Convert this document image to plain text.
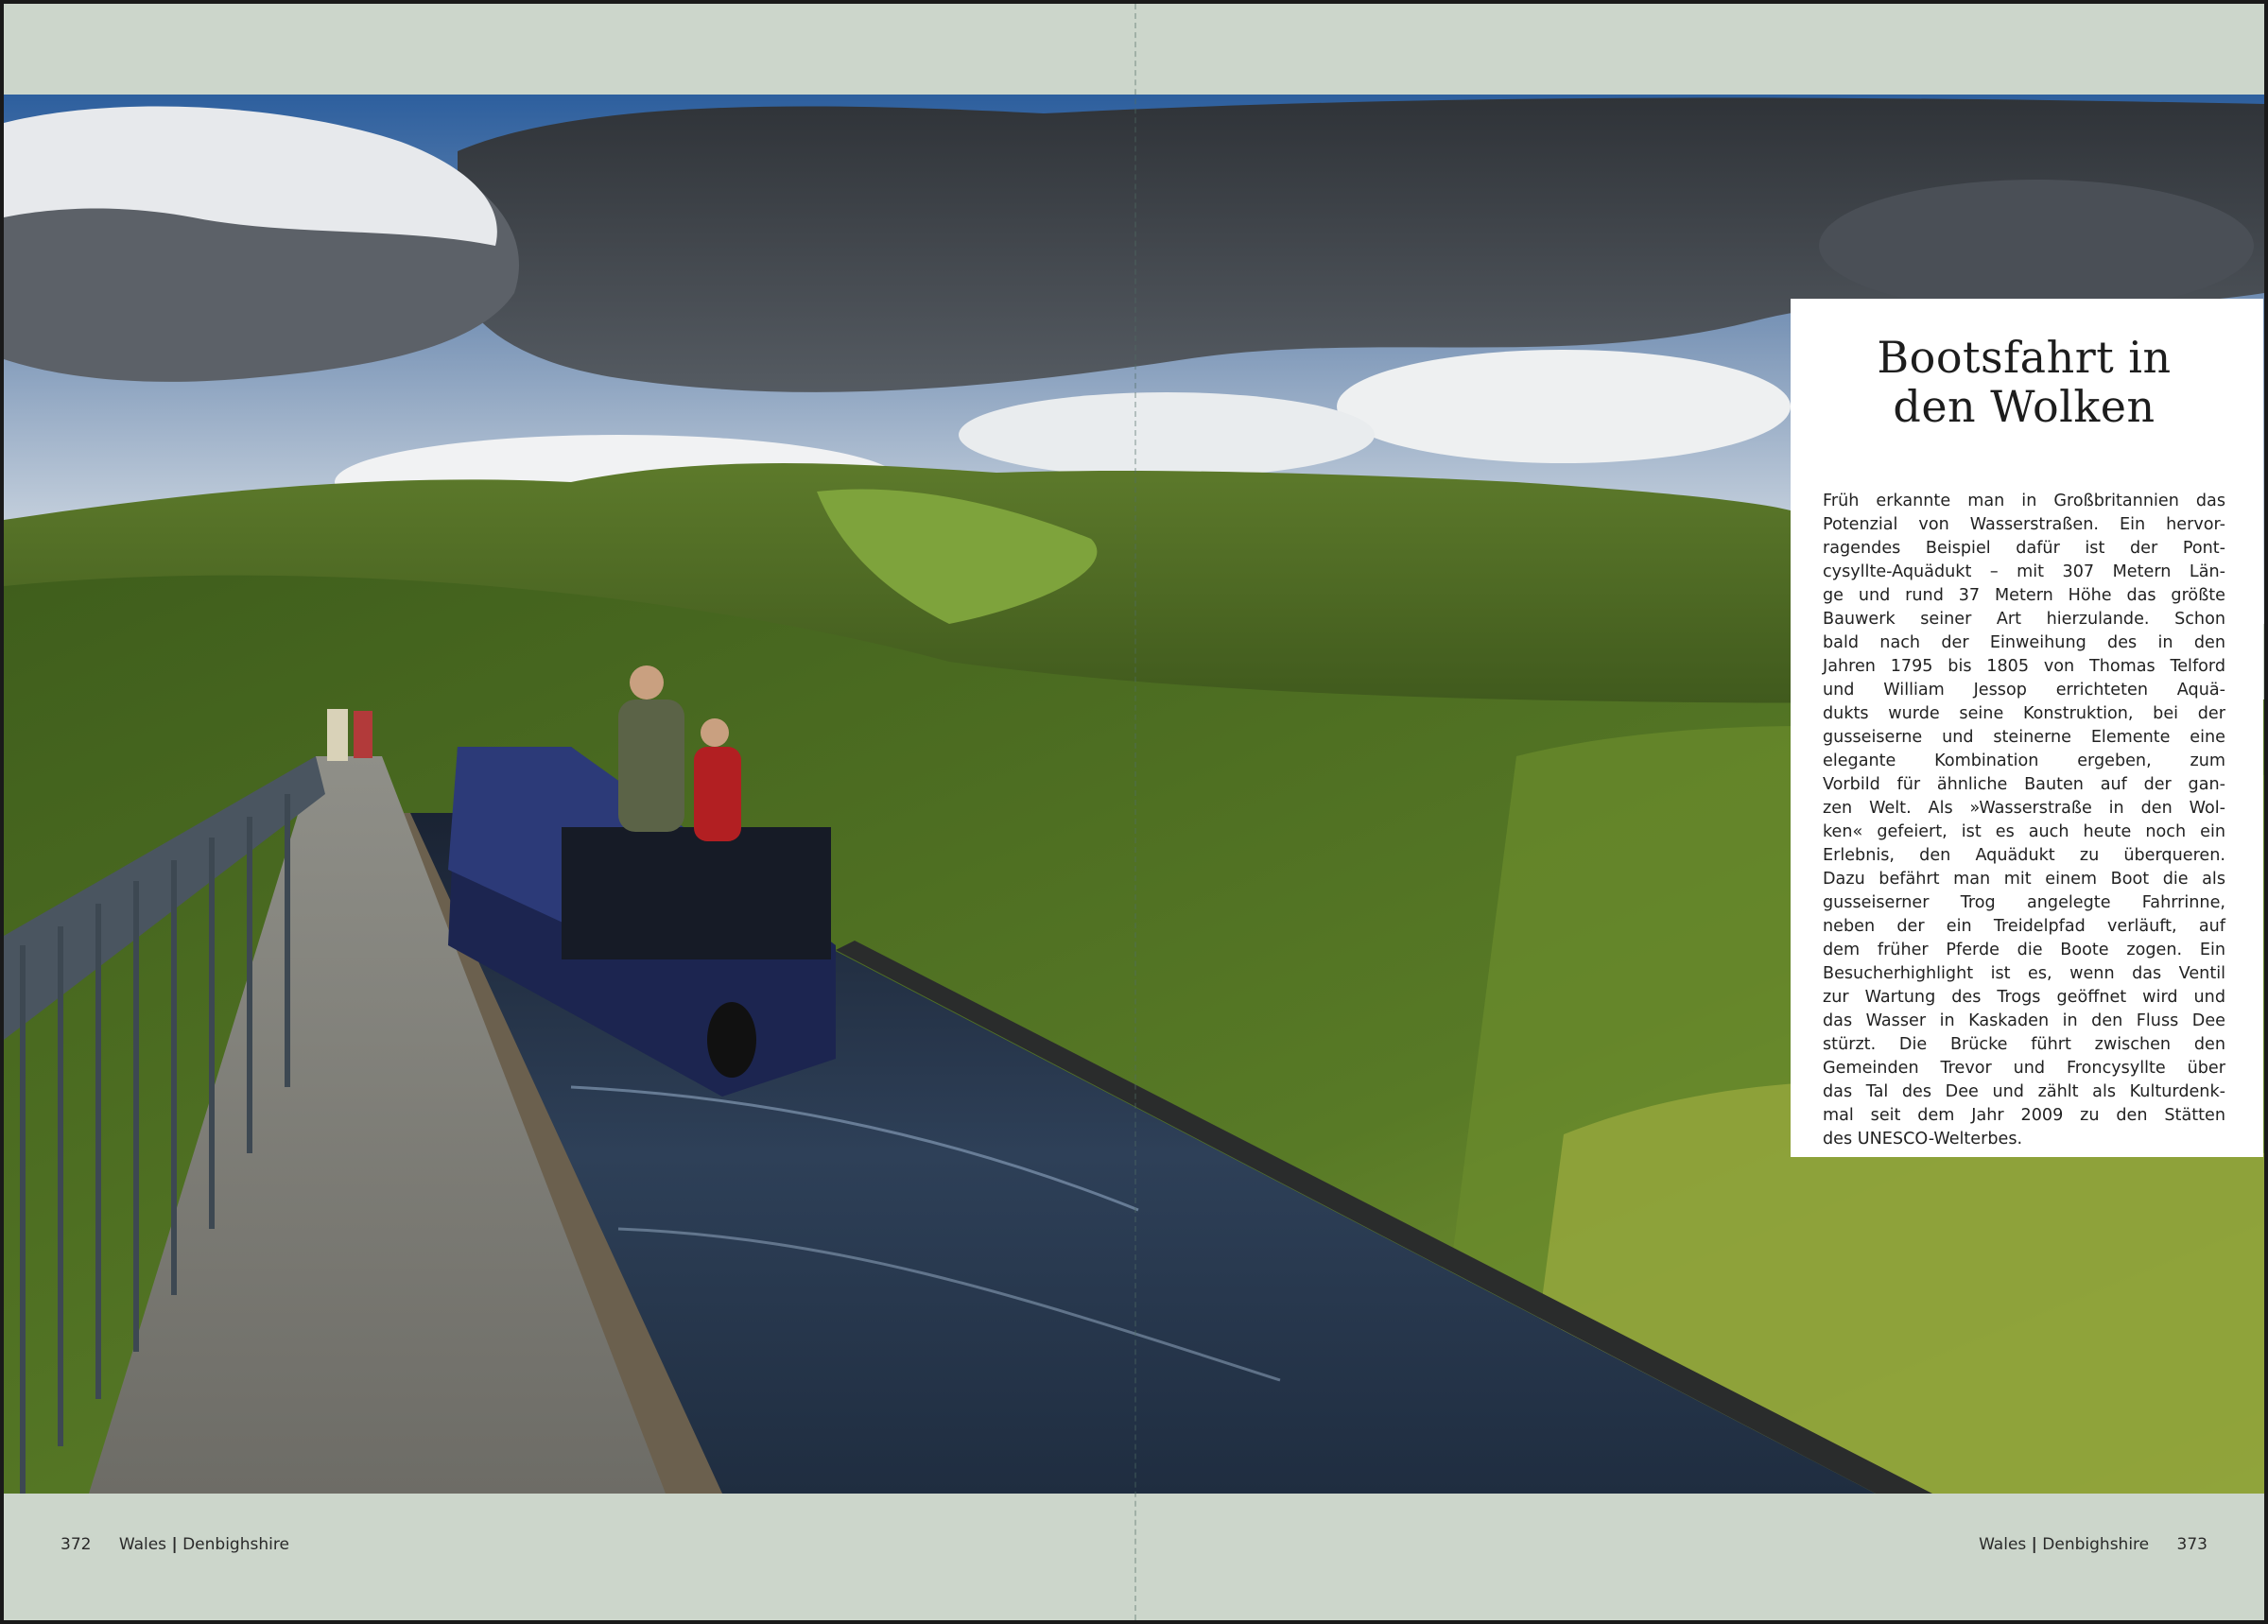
Bootsfahrt in
den Wolken

Früh erkannte man in Großbritannien das
Potenzial von Wasserstraßen. Ein hervor-
ragendes Beispiel dafür ist der Pont-
cysyllte-Aquädukt – mit 307 Metern Län-
ge und rund 37 Metern Höhe das größte
Bauwerk seiner Art hierzulande. Schon
bald nach der Einweihung des in den
Jahren 1795 bis 1805 von Thomas Telford
und William Jessop errichteten Aquä-
dukts wurde seine Konstruktion, bei der
gusseiserne und steinerne Elemente eine
elegante Kombination ergeben, zum
Vorbild für ähnliche Bauten auf der gan-
zen Welt. Als »Wasserstraße in den Wol-
ken« gefeiert, ist es auch heute noch ein
Erlebnis, den Aquädukt zu überqueren.
Dazu befährt man mit einem Boot die als
gusseiserner Trog angelegte Fahrrinne,
neben der ein Treidelpfad verläuft, auf
dem früher Pferde die Boote zogen. Ein
Besucherhighlight ist es, wenn das Ventil
zur Wartung des Trogs geöffnet wird und
das Wasser in Kaskaden in den Fluss Dee
stürzt. Die Brücke führt zwischen den
Gemeinden Trevor und Froncysyllte über
das Tal des Dee und zählt als Kulturdenk-
mal seit dem Jahr 2009 zu den Stätten
des UNESCO-Welterbes.

372 Wales | Denbighshire	Wales | Denbighshire 373
